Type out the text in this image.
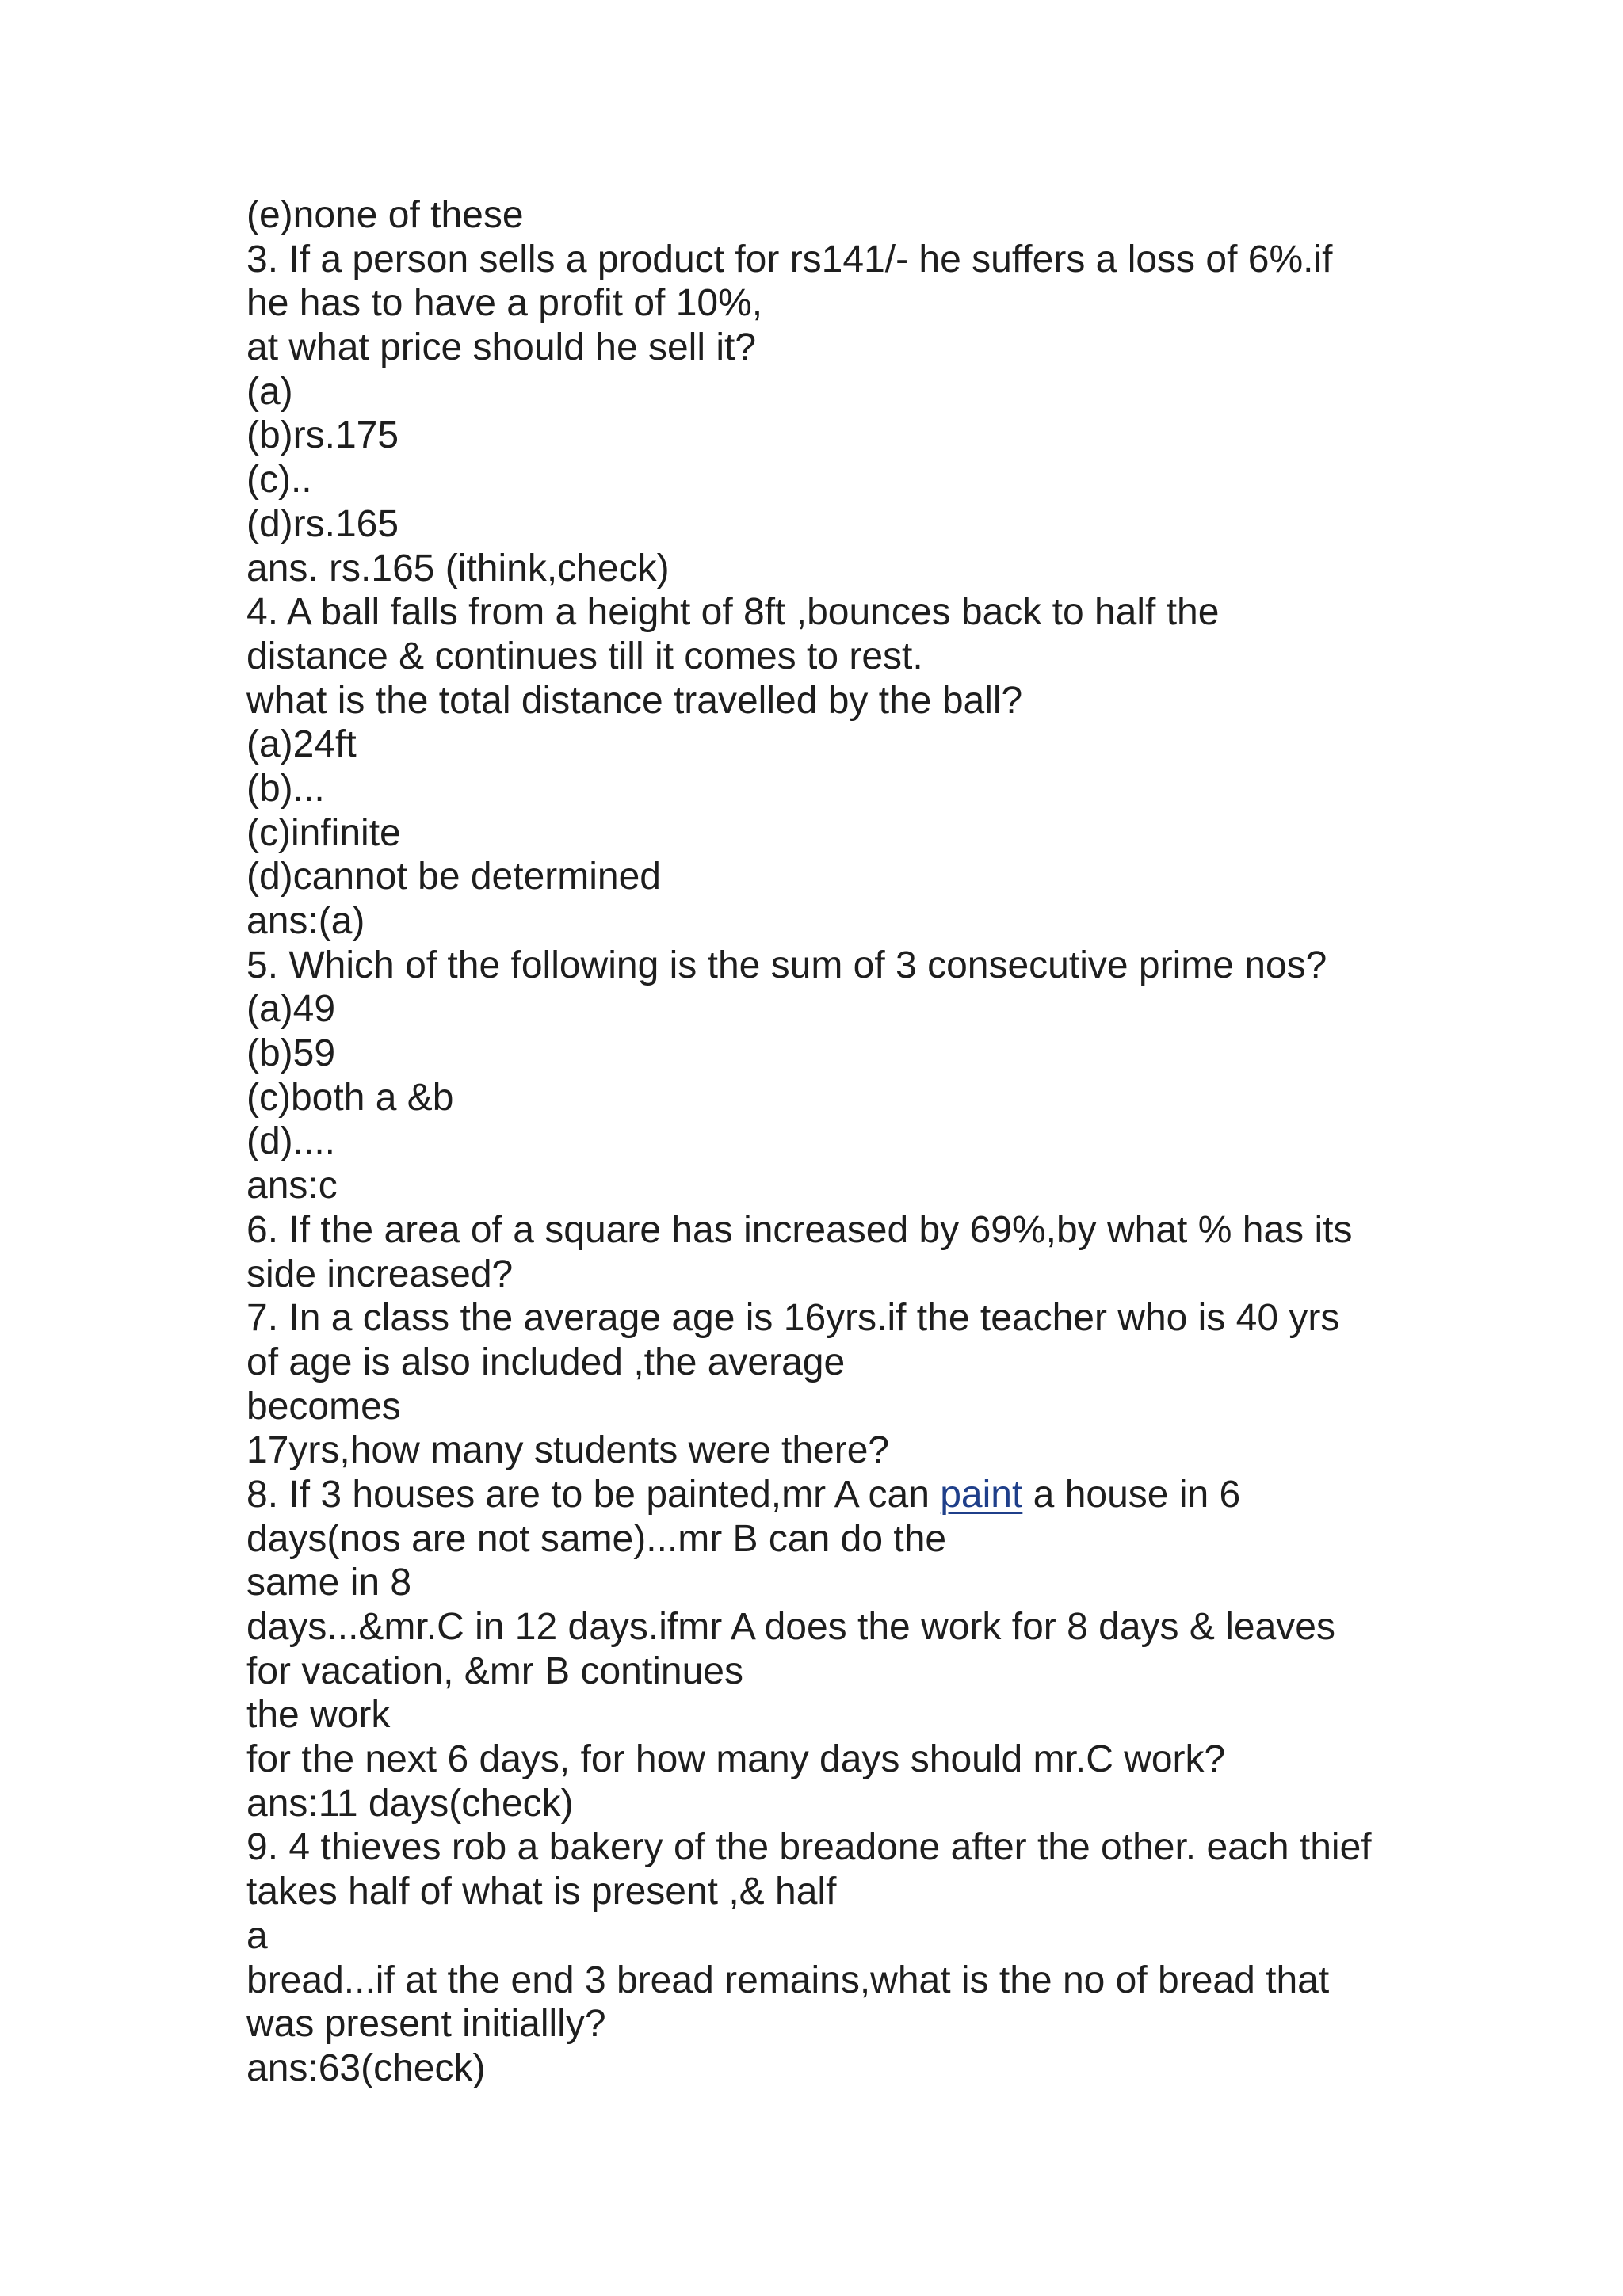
(e)none of these
3. If a person sells a product for rs141/- he suffers a loss of 6%.if
he has to have a profit of 10%,
at what price should he sell it?
(a)
(b)rs.175
(c)..
(d)rs.165
ans. rs.165 (ithink,check)
4. A ball falls from a height of 8ft ,bounces back to half the
distance & continues till it comes to rest.
what is the total distance travelled by the ball?
(a)24ft
(b)...
(c)infinite
(d)cannot be determined
ans:(a)
5. Which of the following is the sum of 3 consecutive prime nos?
(a)49
(b)59
(c)both a &b
(d)....
ans:c
6. If the area of a square has increased by 69%,by what % has its
side increased?
7. In a class the average age is 16yrs.if the teacher who is 40 yrs
of age is also included ,the average
becomes
17yrs,how many students were there?
8. If 3 houses are to be painted,mr A can paint a house in 6
days(nos are not same)...mr B can do the
same in 8
days...&mr.C in 12 days.ifmr A does the work for 8 days & leaves
for vacation, &mr B continues
the work
for the next 6 days, for how many days should mr.C work?
ans:11 days(check)
9. 4 thieves rob a bakery of the breadone after the other. each thief
takes half of what is present ,& half
a
bread...if at the end 3 bread remains,what is the no of bread that
was present initiallly?
ans:63(check)
